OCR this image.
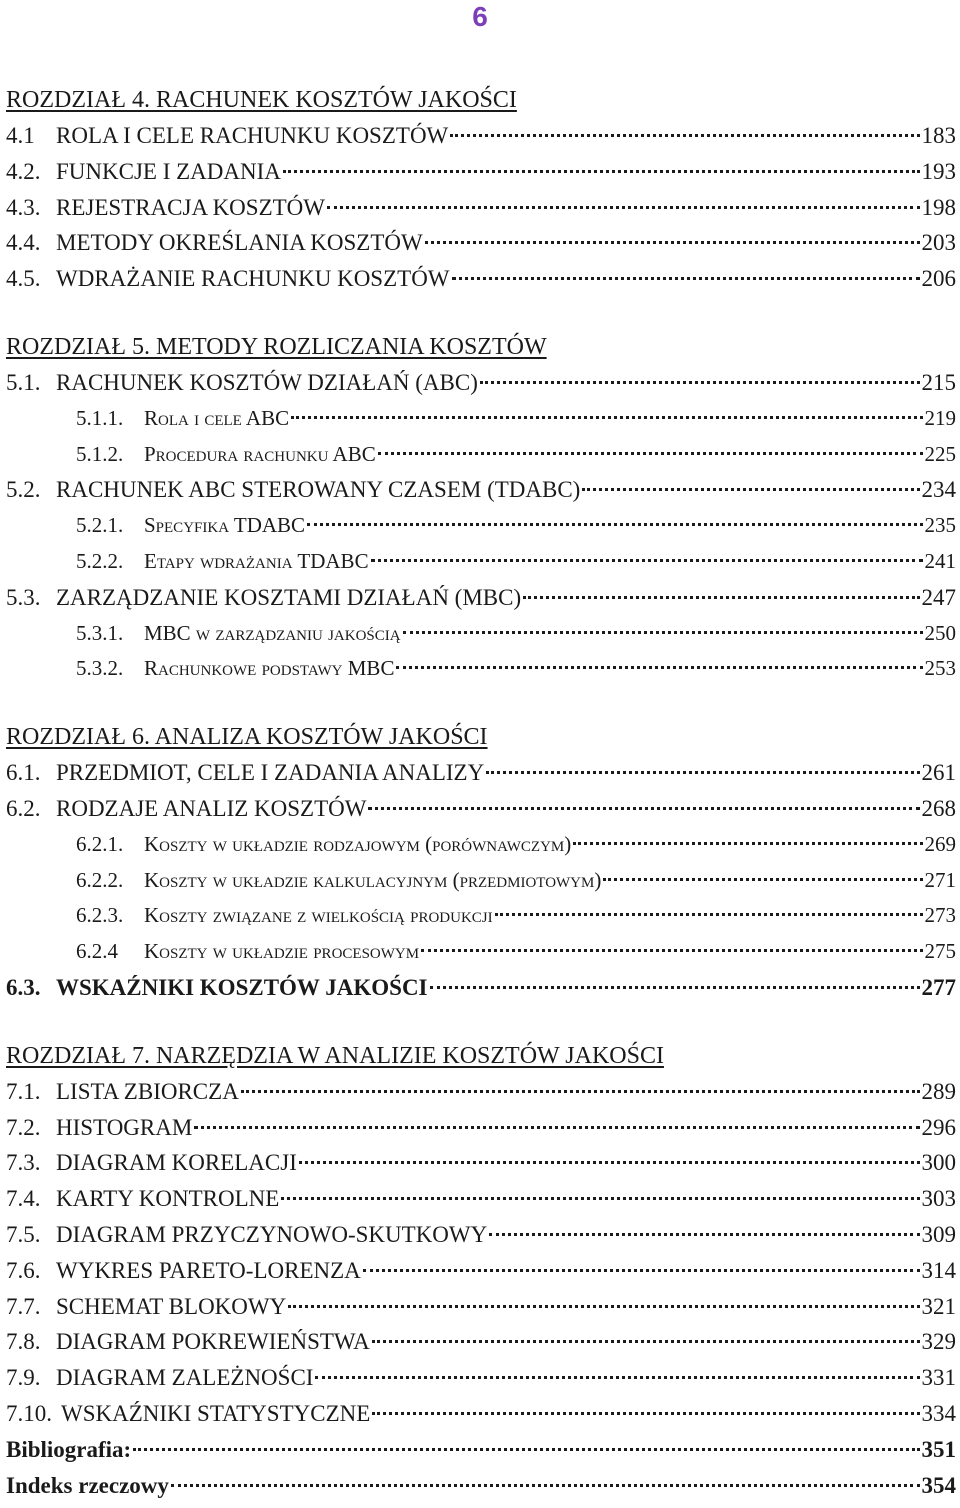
6
ROZDZIAŁ 4. RACHUNEK KOSZTÓW JAKOŚCI
4.1 ROLA I CELE RACHUNKU KOSZTÓW	183
4.2. FUNKCJE I ZADANIA	193
4.3. REJESTRACJA KOSZTÓW	198
4.4. METODY OKREŚLANIA KOSZTÓW	203
4.5. WDRAŻANIE RACHUNKU KOSZTÓW	206
ROZDZIAŁ 5. METODY ROZLICZANIA KOSZTÓW
5.1. RACHUNEK KOSZTÓW DZIAŁAŃ (ABC)	215
5.1.1. Rola i cele ABC	219
5.1.2. Procedura rachunku ABC	225
5.2. RACHUNEK ABC STEROWANY CZASEM (TDABC)	234
5.2.1. Specyfika TDABC	235
5.2.2. Etapy wdrażania TDABC	241
5.3. ZARZĄDZANIE KOSZTAMI DZIAŁAŃ (MBC)	247
5.3.1. MBC w zarządzaniu jakością	250
5.3.2. Rachunkowe podstawy MBC	253
ROZDZIAŁ 6. ANALIZA KOSZTÓW JAKOŚCI
6.1. PRZEDMIOT, CELE I ZADANIA ANALIZY	261
6.2. RODZAJE ANALIZ KOSZTÓW	268
6.2.1. Koszty w układzie rodzajowym (porównawczym)	269
6.2.2. Koszty w układzie kalkulacyjnym (przedmiotowym)	271
6.2.3. Koszty związane z wielkością produkcji	273
6.2.4	Koszty w układzie procesowym	275
6.3. WSKAŹNIKI KOSZTÓW JAKOŚCI	277
ROZDZIAŁ 7. NARZĘDZIA W ANALIZIE KOSZTÓW JAKOŚCI
7.1. LISTA ZBIORCZA	289
7.2. HISTOGRAM	296
7.3. DIAGRAM KORELACJI	300
7.4. KARTY KONTROLNE	303
7.5. DIAGRAM PRZYCZYNOWO-SKUTKOWY	309
7.6. WYKRES PARETO-LORENZA	314
7.7. SCHEMAT BLOKOWY	321
7.8. DIAGRAM POKREWIEŃSTWA	329
7.9. DIAGRAM ZALEŻNOŚCI	331
7.10. WSKAŹNIKI STATYSTYCZNE	334
Bibliografia:	351
Indeks rzeczowy	354
